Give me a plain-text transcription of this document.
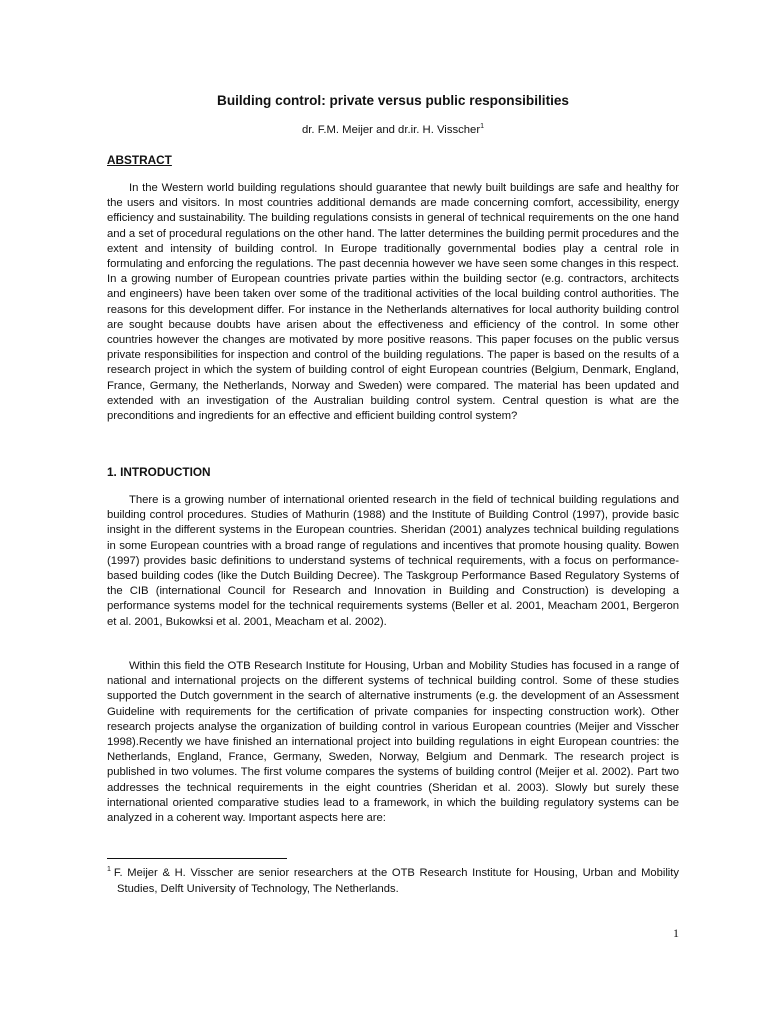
Building control: private versus public responsibilities
dr. F.M. Meijer and dr.ir. H. Visscher$^1$
ABSTRACT

In the Western world building regulations should guarantee that newly built buildings are safe and healthy for the users and visitors. In most countries additional demands are made concerning comfort, accessibility, energy efficiency and sustainability. The building regulations consists in general of technical requirements on the one hand and a set of procedural regulations on the other hand. The latter determines the building permit procedures and the extent and intensity of building control. In Europe traditionally governmental bodies play a central role in formulating and enforcing the regulations. The past decennia however we have seen some changes in this respect. In a growing number of European countries private parties within the building sector (e.g. contractors, architects and engineers) have been taken over some of the traditional activities of the local building control authorities. The reasons for this development differ. For instance in the Netherlands alternatives for local authority building control are sought because doubts have arisen about the effectiveness and efficiency of the control. In some other countries however the changes are motivated by more positive reasons. This paper focuses on the public versus private responsibilities for inspection and control of the building regulations. The paper is based on the results of a research project in which the system of building control of eight European countries (Belgium, Denmark, England, France, Germany, the Netherlands, Norway and Sweden) were compared. The material has been updated and extended with an investigation of the Australian building control system. Central question is what are the preconditions and ingredients for an effective and efficient building control system?

1. INTRODUCTION

There is a growing number of international oriented research in the field of technical building regulations and building control procedures. Studies of Mathurin (1988) and the Institute of Building Control (1997), provide basic insight in the different systems in the European countries. Sheridan (2001) analyzes technical building regulations in some European countries with a broad range of regulations and incentives that promote housing quality. Bowen (1997) provides basic definitions to understand systems of technical requirements, with a focus on performance-based building codes (like the Dutch Building Decree). The Taskgroup Performance Based Regulatory Systems of the CIB (international Council for Research and Innovation in Building and Construction) is developing a performance systems model for the technical requirements systems (Beller et al. 2001, Meacham 2001, Bergeron et al. 2001, Bukowksi et al. 2001, Meacham et al. 2002).

Within this field the OTB Research Institute for Housing, Urban and Mobility Studies has focused in a range of national and international projects on the different systems of technical building control. Some of these studies supported the Dutch government in the search of alternative instruments (e.g. the development of an Assessment Guideline with requirements for the certification of private companies for inspecting construction work). Other research projects analyse the organization of building control in various European countries (Meijer and Visscher 1998).Recently we have finished an international project into building regulations in eight European countries: the Netherlands, England, France, Germany, Sweden, Norway, Belgium and Denmark. The research project is published in two volumes. The first volume compares the systems of building control (Meijer et al. 2002). Part two addresses the technical requirements in the eight countries (Sheridan et al. 2003). Slowly but surely these international oriented comparative studies lead to a framework, in which the building regulatory systems can be analyzed in a coherent way. Important aspects here are:

$^1$ F. Meijer & H. Visscher are senior researchers at the OTB Research Institute for Housing, Urban and Mobility Studies, Delft University of Technology, The Netherlands.

1
